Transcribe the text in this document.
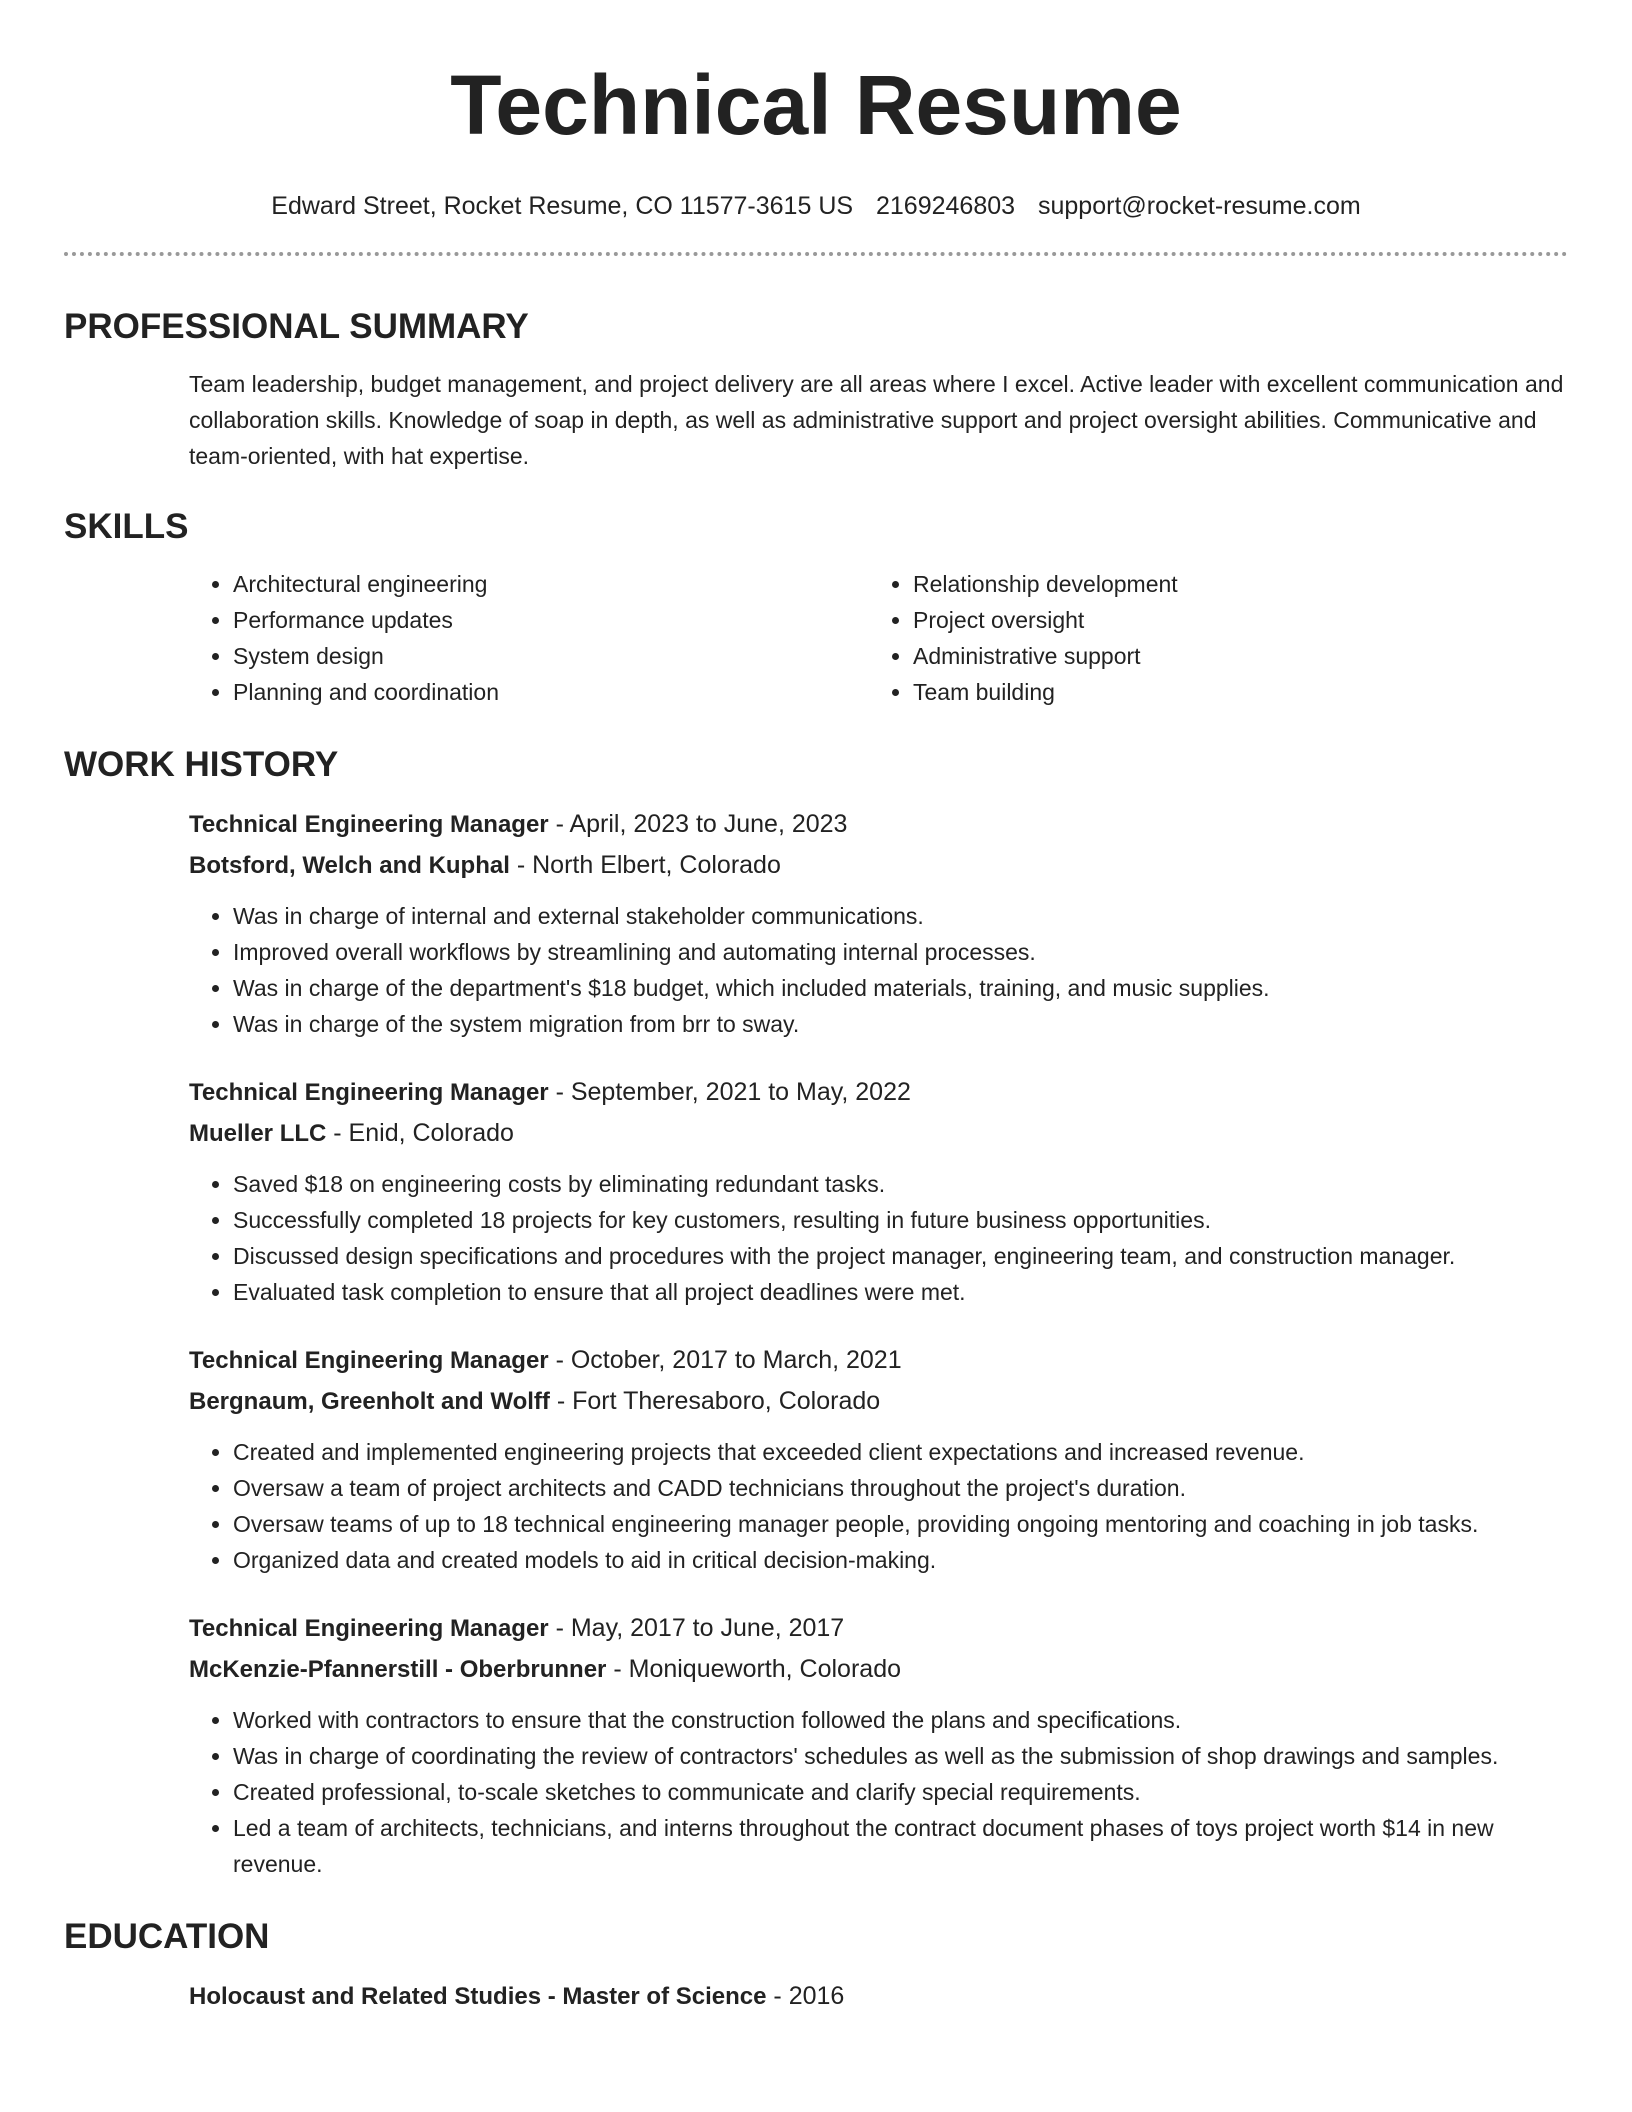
Technical Resume
Edward Street, Rocket Resume, CO 11577-3615 US 2169246803 support@rocket-resume.com
PROFESSIONAL SUMMARY

Team leadership, budget management, and project delivery are all areas where I excel. Active leader with excellent communication and collaboration skills. Knowledge of soap in depth, as well as administrative support and project oversight abilities. Communicative and team-oriented, with hat expertise.

SKILLS
• Architectural engineering
• Performance updates
• System design
• Planning and coordination
• Relationship development
• Project oversight
• Administrative support
• Team building
WORK HISTORY
Technical Engineering Manager - April, 2023 to June, 2023
Botsford, Welch and Kuphal - North Elbert, Colorado
• Was in charge of internal and external stakeholder communications.
• Improved overall workflows by streamlining and automating internal processes.
• Was in charge of the department's $18 budget, which included materials, training, and music supplies.
• Was in charge of the system migration from brr to sway.
Technical Engineering Manager - September, 2021 to May, 2022
Mueller LLC - Enid, Colorado
• Saved $18 on engineering costs by eliminating redundant tasks.
• Successfully completed 18 projects for key customers, resulting in future business opportunities.
• Discussed design specifications and procedures with the project manager, engineering team, and construction manager.
• Evaluated task completion to ensure that all project deadlines were met.
Technical Engineering Manager - October, 2017 to March, 2021
Bergnaum, Greenholt and Wolff - Fort Theresaboro, Colorado
• Created and implemented engineering projects that exceeded client expectations and increased revenue.
• Oversaw a team of project architects and CADD technicians throughout the project's duration.
• Oversaw teams of up to 18 technical engineering manager people, providing ongoing mentoring and coaching in job tasks.
• Organized data and created models to aid in critical decision-making.
Technical Engineering Manager - May, 2017 to June, 2017
McKenzie-Pfannerstill - Oberbrunner - Moniqueworth, Colorado
• Worked with contractors to ensure that the construction followed the plans and specifications.
• Was in charge of coordinating the review of contractors' schedules as well as the submission of shop drawings and samples.
• Created professional, to-scale sketches to communicate and clarify special requirements.
• Led a team of architects, technicians, and interns throughout the contract document phases of toys project worth $14 in new revenue.
EDUCATION
Holocaust and Related Studies - Master of Science - 2016
